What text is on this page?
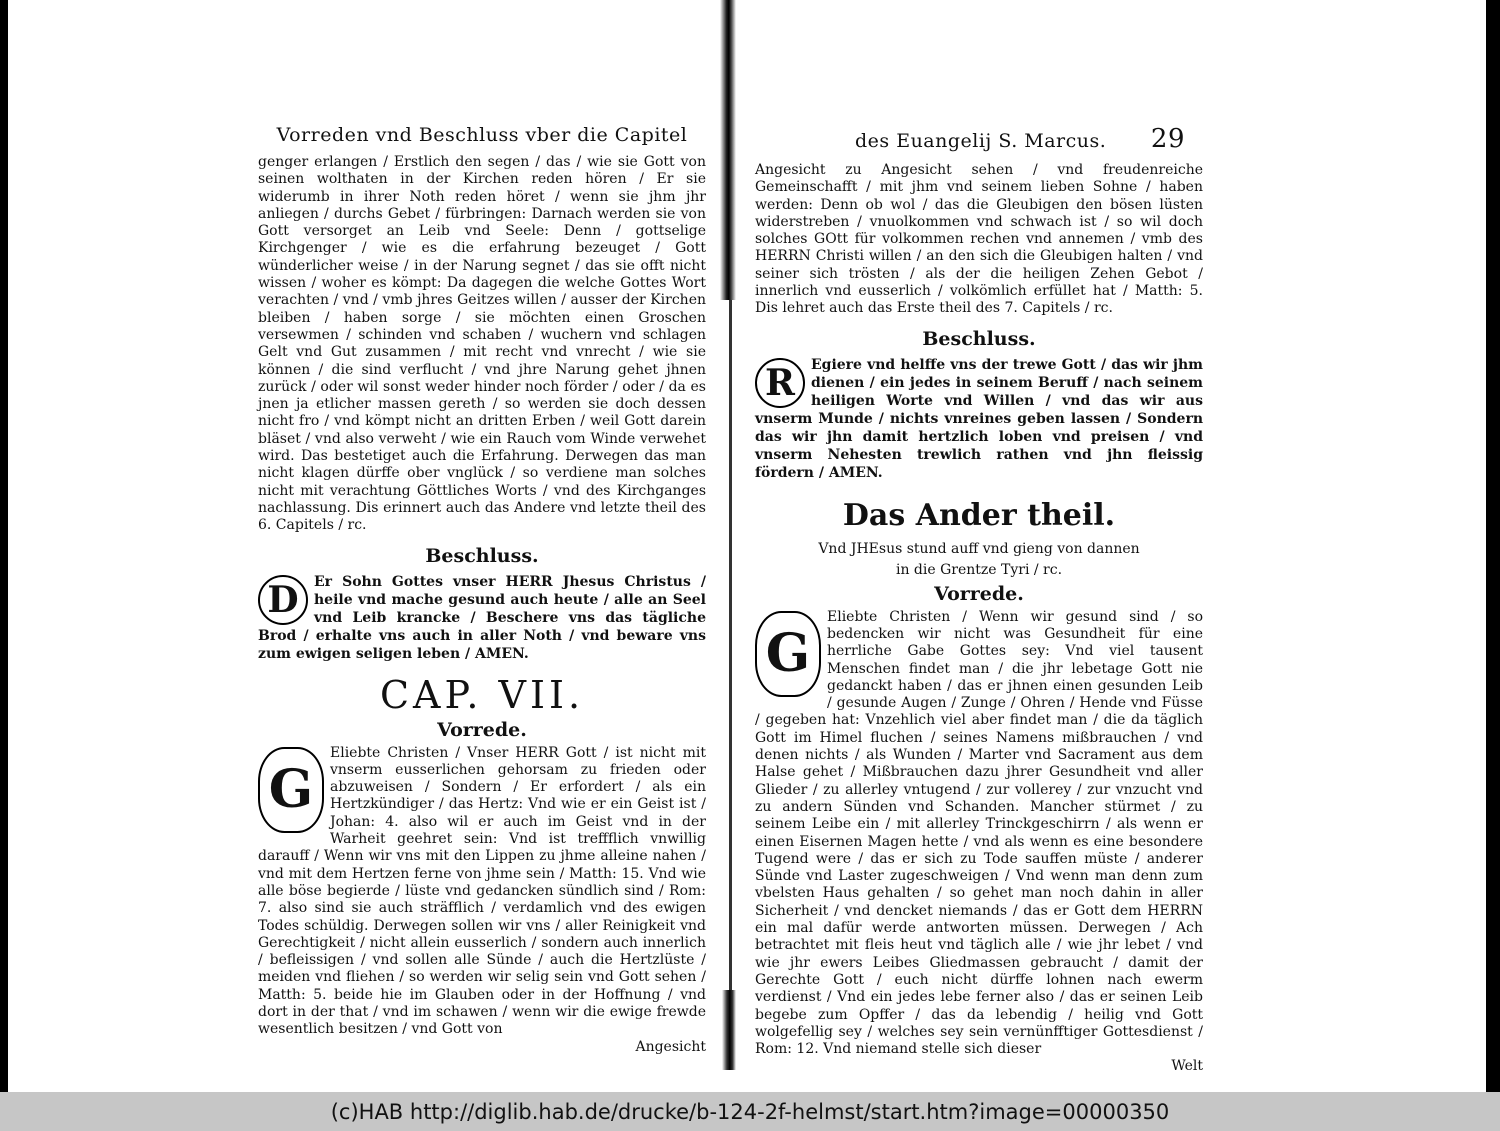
Vorreden vnd Beschluss vber die Capitel

genger erlangen / Erstlich den segen / das / wie sie Gott von seinen wolthaten in der Kirchen reden hören / Er sie widerumb in ihrer Noth reden höret / wenn sie jhm jhr anliegen / durchs Gebet / fürbringen: Darnach werden sie von Gott versorget an Leib vnd Seele: Denn / gottselige Kirchgenger / wie es die erfahrung bezeuget / Gott wünderlicher weise / in der Narung segnet / das sie offt nicht wissen / woher es kömpt: Da dagegen die welche Gottes Wort verachten / vnd / vmb jhres Geitzes willen / ausser der Kirchen bleiben / haben sorge / sie möchten einen Groschen versewmen / schinden vnd schaben / wuchern vnd schlagen Gelt vnd Gut zusammen / mit recht vnd vnrecht / wie sie können / die sind verflucht / vnd jhre Narung gehet jhnen zurück / oder wil sonst weder hinder noch förder / oder / da es jnen ja etlicher massen gereth / so werden sie doch dessen nicht fro / vnd kömpt nicht an dritten Erben / weil Gott darein bläset / vnd also verweht / wie ein Rauch vom Winde verwehet wird. Das bestetiget auch die Erfahrung. Derwegen das man nicht klagen dürffe ober vnglück / so verdiene man solches nicht mit verachtung Göttliches Worts / vnd des Kirchganges nachlassung. Dis erinnert auch das Andere vnd letzte theil des 6. Capitels / rc.

Beschluss.
D	Er Sohn Gottes vnser HERR Jhesus Christus / heile vnd mache gesund auch heute / alle an Seel vnd Leib krancke / Beschere vns das tägliche Brod / erhalte vns auch in aller Noth / vnd beware vns zum ewigen seligen leben / AMEN.

CAP. VII.
Vorrede.
G

Eliebte Christen / Vnser HERR Gott / ist nicht mit vnserm eusserlichen gehorsam zu frieden oder abzuweisen / Sondern / Er erfordert / als ein Hertzkündiger / das Hertz: Vnd wie er ein Geist ist / Johan: 4. also wil er auch im Geist vnd in der Warheit geehret sein: Vnd ist treffflich vnwillig darauff / Wenn wir vns mit den Lippen zu jhme alleine nahen / vnd mit dem Hertzen ferne von jhme sein / Matth: 15. Vnd wie alle böse begierde / lüste vnd gedancken sündlich sind / Rom: 7. also sind sie auch sträfflich / verdamlich vnd des ewigen Todes schüldig. Derwegen sollen wir vns / aller Reinigkeit vnd Gerechtigkeit / nicht allein eusserlich / sondern auch innerlich / befleissigen / vnd sollen alle Sünde / auch die Hertzlüste / meiden vnd fliehen / so werden wir selig sein vnd Gott sehen / Matth: 5. beide hie im Glauben oder in der Hoffnung / vnd dort in der that / vnd im schawen / wenn wir die ewige frewde wesentlich besitzen / vnd Gott von

Angesicht

des Euangelij S. Marcus. 29

Angesicht zu Angesicht sehen / vnd freudenreiche Gemeinschafft / mit jhm vnd seinem lieben Sohne / haben werden: Denn ob wol / das die Gleubigen den bösen lüsten widerstreben / vnuolkommen vnd schwach ist / so wil doch solches GOtt für volkommen rechen vnd annemen / vmb des HERRN Christi willen / an den sich die Gleubigen halten / vnd seiner sich trösten / als der die heiligen Zehen Gebot / innerlich vnd eusserlich / volkömlich erfüllet hat / Matth: 5. Dis lehret auch das Erste theil des 7. Capitels / rc.

Beschluss.
R	Egiere vnd helffe vns der trewe Gott / das wir jhm dienen / ein jedes in seinem Beruff / nach seinem heiligen Worte vnd Willen / vnd das wir aus vnserm Munde / nichts vnreines geben lassen / Sondern das wir jhn damit hertzlich loben vnd preisen / vnd vnserm Nehesten trewlich rathen vnd jhn fleissig fördern / AMEN.

Das Ander theil.
Vnd JHEsus stund auff vnd gieng von dannen
in die Grentze Tyri / rc.
Vorrede.
G

Eliebte Christen / Wenn wir gesund sind / so bedencken wir nicht was Gesundheit für eine herrliche Gabe Gottes sey: Vnd viel tausent Menschen findet man / die jhr lebetage Gott nie gedanckt haben / das er jhnen einen gesunden Leib / gesunde Augen / Zunge / Ohren / Hende vnd Füsse / gegeben hat: Vnzehlich viel aber findet man / die da täglich Gott im Himel fluchen / seines Namens mißbrauchen / vnd denen nichts / als Wunden / Marter vnd Sacrament aus dem Halse gehet / Mißbrauchen dazu jhrer Gesundheit vnd aller Glieder / zu allerley vntugend / zur vollerey / zur vnzucht vnd zu andern Sünden vnd Schanden. Mancher stürmet / zu seinem Leibe ein / mit allerley Trinckgeschirrn / als wenn er einen Eisernen Magen hette / vnd als wenn es eine besondere Tugend were / das er sich zu Tode sauffen müste / anderer Sünde vnd Laster zugeschweigen / Vnd wenn man denn zum vbelsten Haus gehalten / so gehet man noch dahin in aller Sicherheit / vnd dencket niemands / das er Gott dem HERRN ein mal dafür werde antworten müssen. Derwegen / Ach betrachtet mit fleis heut vnd täglich alle / wie jhr lebet / vnd wie jhr ewers Leibes Gliedmassen gebraucht / damit der Gerechte Gott / euch nicht dürffe lohnen nach ewerm verdienst / Vnd ein jedes lebe ferner also / das er seinen Leib begebe zum Opffer / das da lebendig / heilig vnd Gott wolgefellig sey / welches sey sein vernünfftiger Gottesdienst / Rom: 12. Vnd niemand stelle sich dieser

Welt

(c)HAB http://diglib.hab.de/drucke/b-124-2f-helmst/start.htm?image=00000350
